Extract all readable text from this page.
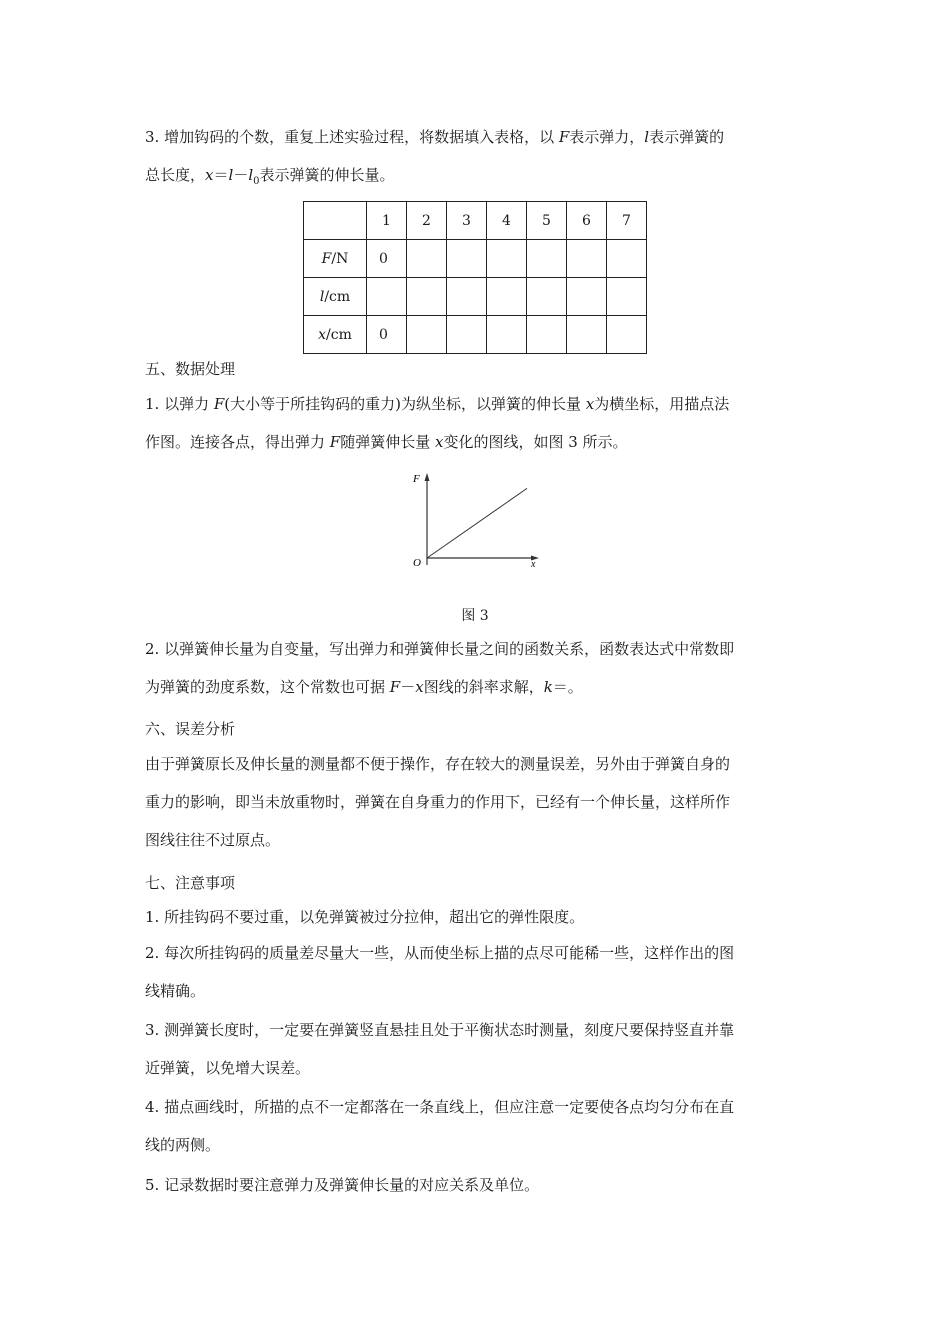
3. 增加钩码的个数，重复上述实验过程，将数据填入表格，以 F表示弹力，l表示弹簧的
总长度，$x=l-l_0$表示弹簧的伸长量。

	1	2	3	4	5	6	7
F/N	0						
l/cm							
x/cm	0						

五、数据处理

1. 以弹力 F(大小等于所挂钩码的重力)为纵坐标，以弹簧的伸长量 x为横坐标，用描点法
作图。连接各点，得出弹力 F随弹簧伸长量 x变化的图线，如图 3 所示。

F
x
O
图 3

2. 以弹簧伸长量为自变量，写出弹力和弹簧伸长量之间的函数关系，函数表达式中常数即
为弹簧的劲度系数，这个常数也可据 F－x图线的斜率求解，k＝。

六、误差分析

由于弹簧原长及伸长量的测量都不便于操作，存在较大的测量误差，另外由于弹簧自身的
重力的影响，即当未放重物时，弹簧在自身重力的作用下，已经有一个伸长量，这样所作
图线往往不过原点。

七、注意事项

1. 所挂钩码不要过重，以免弹簧被过分拉伸，超出它的弹性限度。

2. 每次所挂钩码的质量差尽量大一些，从而使坐标上描的点尽可能稀一些，这样作出的图
线精确。

3. 测弹簧长度时，一定要在弹簧竖直悬挂且处于平衡状态时测量，刻度尺要保持竖直并靠
近弹簧，以免增大误差。

4. 描点画线时，所描的点不一定都落在一条直线上，但应注意一定要使各点均匀分布在直
线的两侧。

5. 记录数据时要注意弹力及弹簧伸长量的对应关系及单位。
